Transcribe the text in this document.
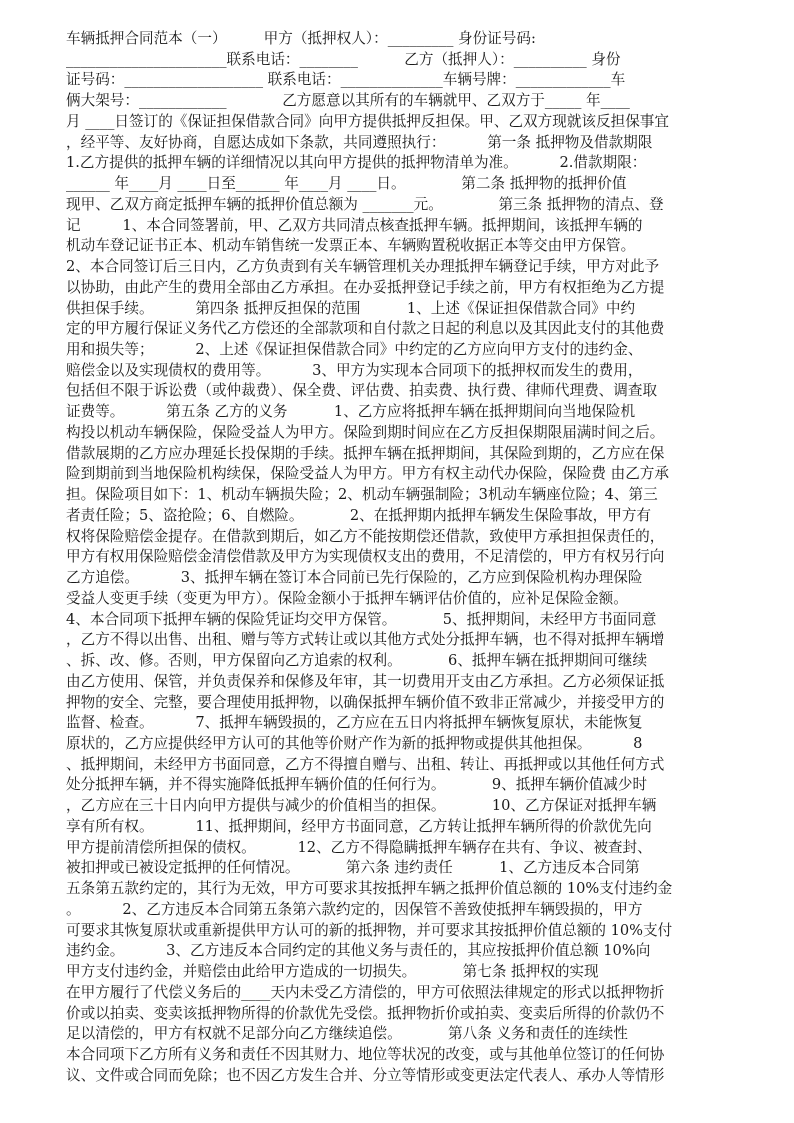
车辆抵押合同范本（一）        甲方（抵押权人）：_________ 身份证号码:
______________________联系电话：________          乙方（抵押人）：__________ 身份
证号码：___________________ 联系电话：______________车辆号牌：_____________车
俩大架号：____________            乙方愿意以其所有的车辆就甲、乙双方于_____ 年____
月 ____日签订的《保证担保借款合同》向甲方提供抵押反担保。甲、乙双方现就该反担保事宜
，经平等、友好协商，自愿达成如下条款，共同遵照执行：         第一条 抵押物及借款期限
1.乙方提供的抵押车辆的详细情况以其向甲方提供的抵押物清单为准。         2.借款期限：
______ 年____月 ____日至______ 年____月 ____日。            第二条 抵押物的抵押价值
现甲、乙双方商定抵押车辆的抵押价值总额为 _______元。            第三条 抵押物的清点、登
记         1、本合同签署前，甲、乙双方共同清点核查抵押车辆。抵押期间，该抵押车辆的
机动车登记证书正本、机动车销售统一发票正本、车辆购置税收据正本等交由甲方保管。
2、本合同签订后三日内，乙方负责到有关车辆管理机关办理抵押车辆登记手续，甲方对此予
以协助，由此产生的费用全部由乙方承担。在办妥抵押登记手续之前，甲方有权拒绝为乙方提
供担保手续。         第四条 抵押反担保的范围          1、上述《保证担保借款合同》中约
定的甲方履行保证义务代乙方偿还的全部款项和自付款之日起的利息以及其因此支付的其他费
用和损失等；         2、上述《保证担保借款合同》中约定的乙方应向甲方支付的违约金、
赔偿金以及实现债权的费用等。         3、甲方为实现本合同项下的抵押权而发生的费用，
包括但不限于诉讼费（或仲裁费）、保全费、评估费、拍卖费、执行费、律师代理费、调查取
证费等。         第五条 乙方的义务          1、乙方应将抵押车辆在抵押期间向当地保险机
构投以机动车辆保险，保险受益人为甲方。保险到期时间应在乙方反担保期限届满时间之后。
借款展期的乙方应办理延长投保期的手续。抵押车辆在抵押期间，其保险到期的，乙方应在保
险到期前到当地保险机构续保，保险受益人为甲方。甲方有权主动代办保险，保险费 由乙方承
担。保险项目如下：1、机动车辆损失险；2、机动车辆强制险；3机动车辆座位险；4、第三
者责任险；5、盗抢险；6、自燃险。          2、在抵押期内抵押车辆发生保险事故，甲方有
权将保险赔偿金提存。在借款到期后，如乙方不能按期偿还借款，致使甲方承担担保责任的，
甲方有权用保险赔偿金清偿借款及甲方为实现债权支出的费用，不足清偿的，甲方有权另行向
乙方追偿。         3、抵押车辆在签订本合同前已先行保险的，乙方应到保险机构办理保险
受益人变更手续（变更为甲方）。保险金额小于抵押车辆评估价值的，应补足保险金额。
4、本合同项下抵押车辆的保险凭证均交甲方保管。          5、抵押期间，未经甲方书面同意
，乙方不得以出售、出租、赠与等方式转让或以其他方式处分抵押车辆，也不得对抵押车辆增
、拆、改、修。否则，甲方保留向乙方追索的权利。          6、抵押车辆在抵押期间可继续
由乙方使用、保管，并负责保养和保修及年审，其一切费用开支由乙方承担。乙方必须保证抵
押物的安全、完整，要合理使用抵押物，以确保抵押车辆价值不致非正常减少，并接受甲方的
监督、检查。         7、抵押车辆毁损的，乙方应在五日内将抵押车辆恢复原状，未能恢复
原状的，乙方应提供经甲方认可的其他等价财产作为新的抵押物或提供其他担保。         8
、抵押期间，未经甲方书面同意，乙方不得擅自赠与、出租、转让、再抵押或以其他任何方式
处分抵押车辆，并不得实施降低抵押车辆价值的任何行为。          9、抵押车辆价值减少时
，乙方应在三十日内向甲方提供与减少的价值相当的担保。          10、乙方保证对抵押车辆
享有所有权。         11、抵押期间，经甲方书面同意，乙方转让抵押车辆所得的价款优先向
甲方提前清偿所担保的债权。         12、乙方不得隐瞒抵押车辆存在共有、争议、被查封、
被扣押或已被设定抵押的任何情况。          第六条 违约责任          1、乙方违反本合同第
五条第五款约定的，其行为无效，甲方可要求其按抵押车辆之抵押价值总额的 10%支付违约金
。         2、乙方违反本合同第五条第六款约定的，因保管不善致使抵押车辆毁损的，甲方
可要求其恢复原状或重新提供甲方认可的新的抵押物，并可要求其按抵押价值总额的 10%支付
违约金。         3、乙方违反本合同约定的其他义务与责任的，其应按抵押价值总额 10%向
甲方支付违约金，并赔偿由此给甲方造成的一切损失。          第七条 抵押权的实现
在甲方履行了代偿义务后的____天内未受乙方清偿的，甲方可依照法律规定的形式以抵押物折
价或以拍卖、变卖该抵押物所得的价款优先受偿。抵押物折价或拍卖、变卖后所得的价款仍不
足以清偿的，甲方有权就不足部分向乙方继续追偿。          第八条 义务和责任的连续性
本合同项下乙方所有义务和责任不因其财力、地位等状况的改变，或与其他单位签订的任何协
议、文件或合同而免除；也不因乙方发生合并、分立等情形或变更法定代表人、承办人等情形
